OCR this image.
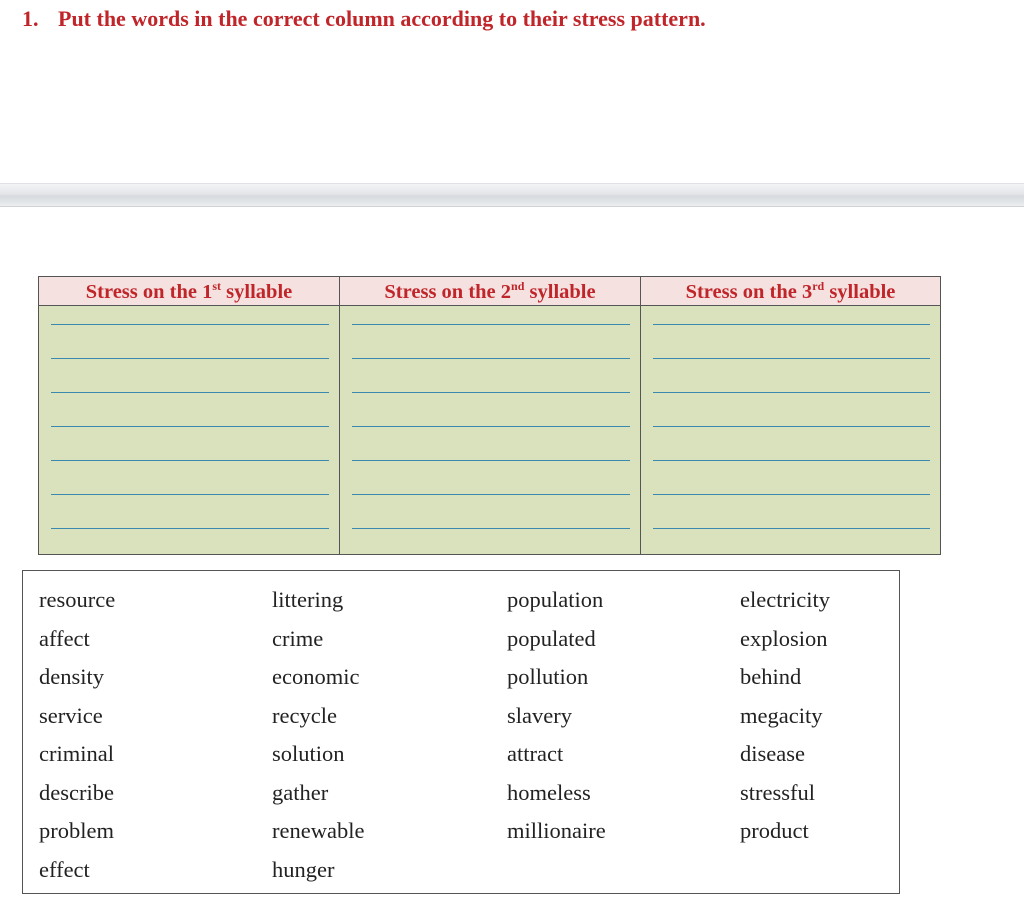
1. Put the words in the correct column according to their stress pattern.
Stress on the 1st syllable	Stress on the 2nd syllable	Stress on the 3rd syllable

resource
affect
density
service
criminal
describe
problem
effect
littering
crime
economic
recycle
solution
gather
renewable
hunger
population
populated
pollution
slavery
attract
homeless
millionaire
electricity
explosion
behind
megacity
disease
stressful
product
